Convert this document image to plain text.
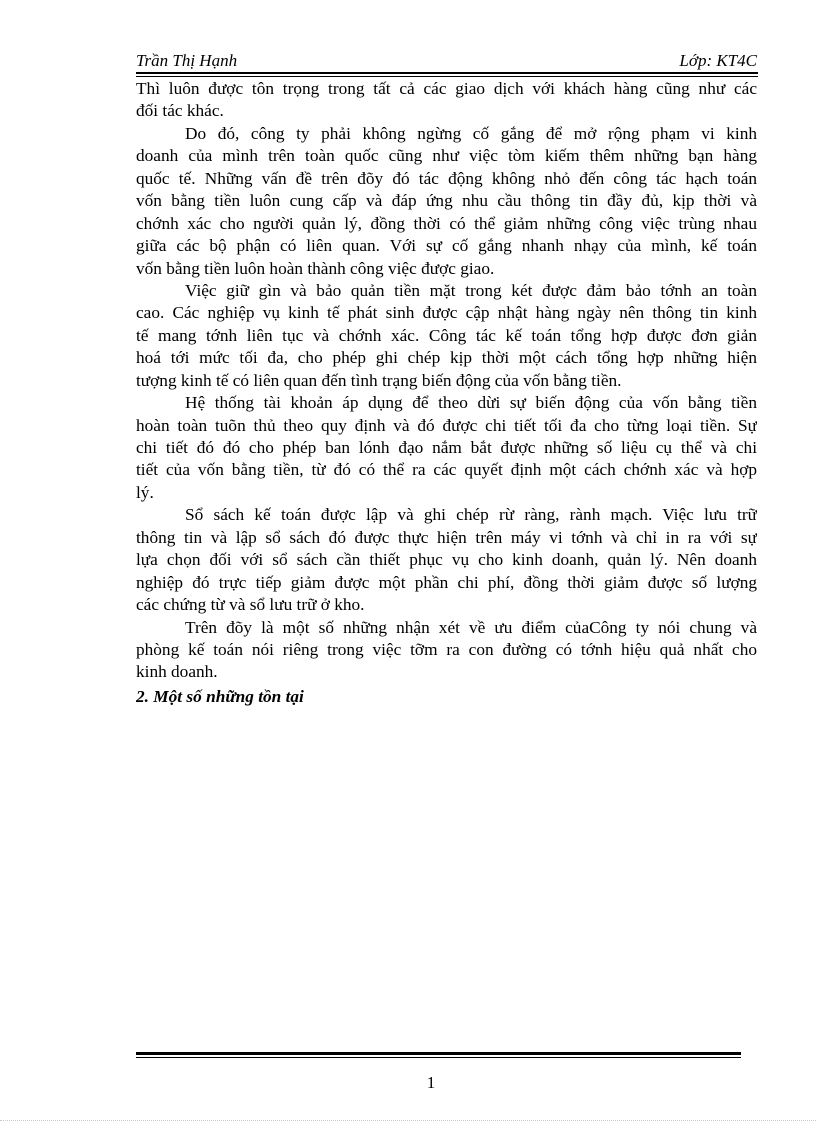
Trần Thị Hạnh	Lớp: KT4C

Thì luôn được tôn trọng trong tất cả các giao dịch với khách hàng cũng như các
đối tác khác.

Do đó, công ty phải không ngừng cố gắng để mở rộng phạm vi kinh
doanh của mình trên toàn quốc cũng như việc tòm kiếm thêm những bạn hàng
quốc tế. Những vấn đề trên đõy đó tác động không nhỏ đến công tác hạch toán
vốn bằng tiền luôn cung cấp và đáp ứng nhu cầu thông tin đầy đủ, kịp thời và
chớnh xác cho người quản lý, đồng thời có thể giảm những công việc trùng nhau
giữa các bộ phận có liên quan. Với sự cố gắng nhanh nhạy của mình, kế toán
vốn bằng tiền luôn hoàn thành công việc được giao.

Việc giữ gìn và bảo quản tiền mặt trong két được đảm bảo tớnh an toàn
cao. Các nghiệp vụ kinh tế phát sinh được cập nhật hàng ngày nên thông tin kinh
tế mang tớnh liên tục và chớnh xác. Công tác kế toán tổng hợp được đơn giản
hoá tới mức tối đa, cho phép ghi chép kịp thời một cách tổng hợp những hiện
tượng kinh tế có liên quan đến tình trạng biến động của vốn bằng tiền.

Hệ thống tài khoản áp dụng để theo dừi sự biến động của vốn bằng tiền
hoàn toàn tuõn thủ theo quy định và đó được chi tiết tối đa cho từng loại tiền. Sự
chi tiết đó đó cho phép ban lónh đạo nắm bắt được những số liệu cụ thể và chi
tiết của vốn bằng tiền, từ đó có thể ra các quyết định một cách chớnh xác và hợp
lý.

Sổ sách kế toán được lập và ghi chép rừ ràng, rành mạch. Việc lưu trữ
thông tin và lập sổ sách đó được thực hiện trên máy vi tớnh và chỉ in ra với sự
lựa chọn đối với sổ sách cần thiết phục vụ cho kinh doanh, quản lý. Nên doanh
nghiệp đó trực tiếp giảm được một phần chi phí, đồng thời giảm được số lượng
các chứng từ và sổ lưu trữ ở kho.

Trên đõy là một số những nhận xét về ưu điểm củaCông ty nói chung và
phòng kế toán nói riêng trong việc tỡm ra con đường có tớnh hiệu quả nhất cho
kinh doanh.

2. Một số những tồn tại

1
